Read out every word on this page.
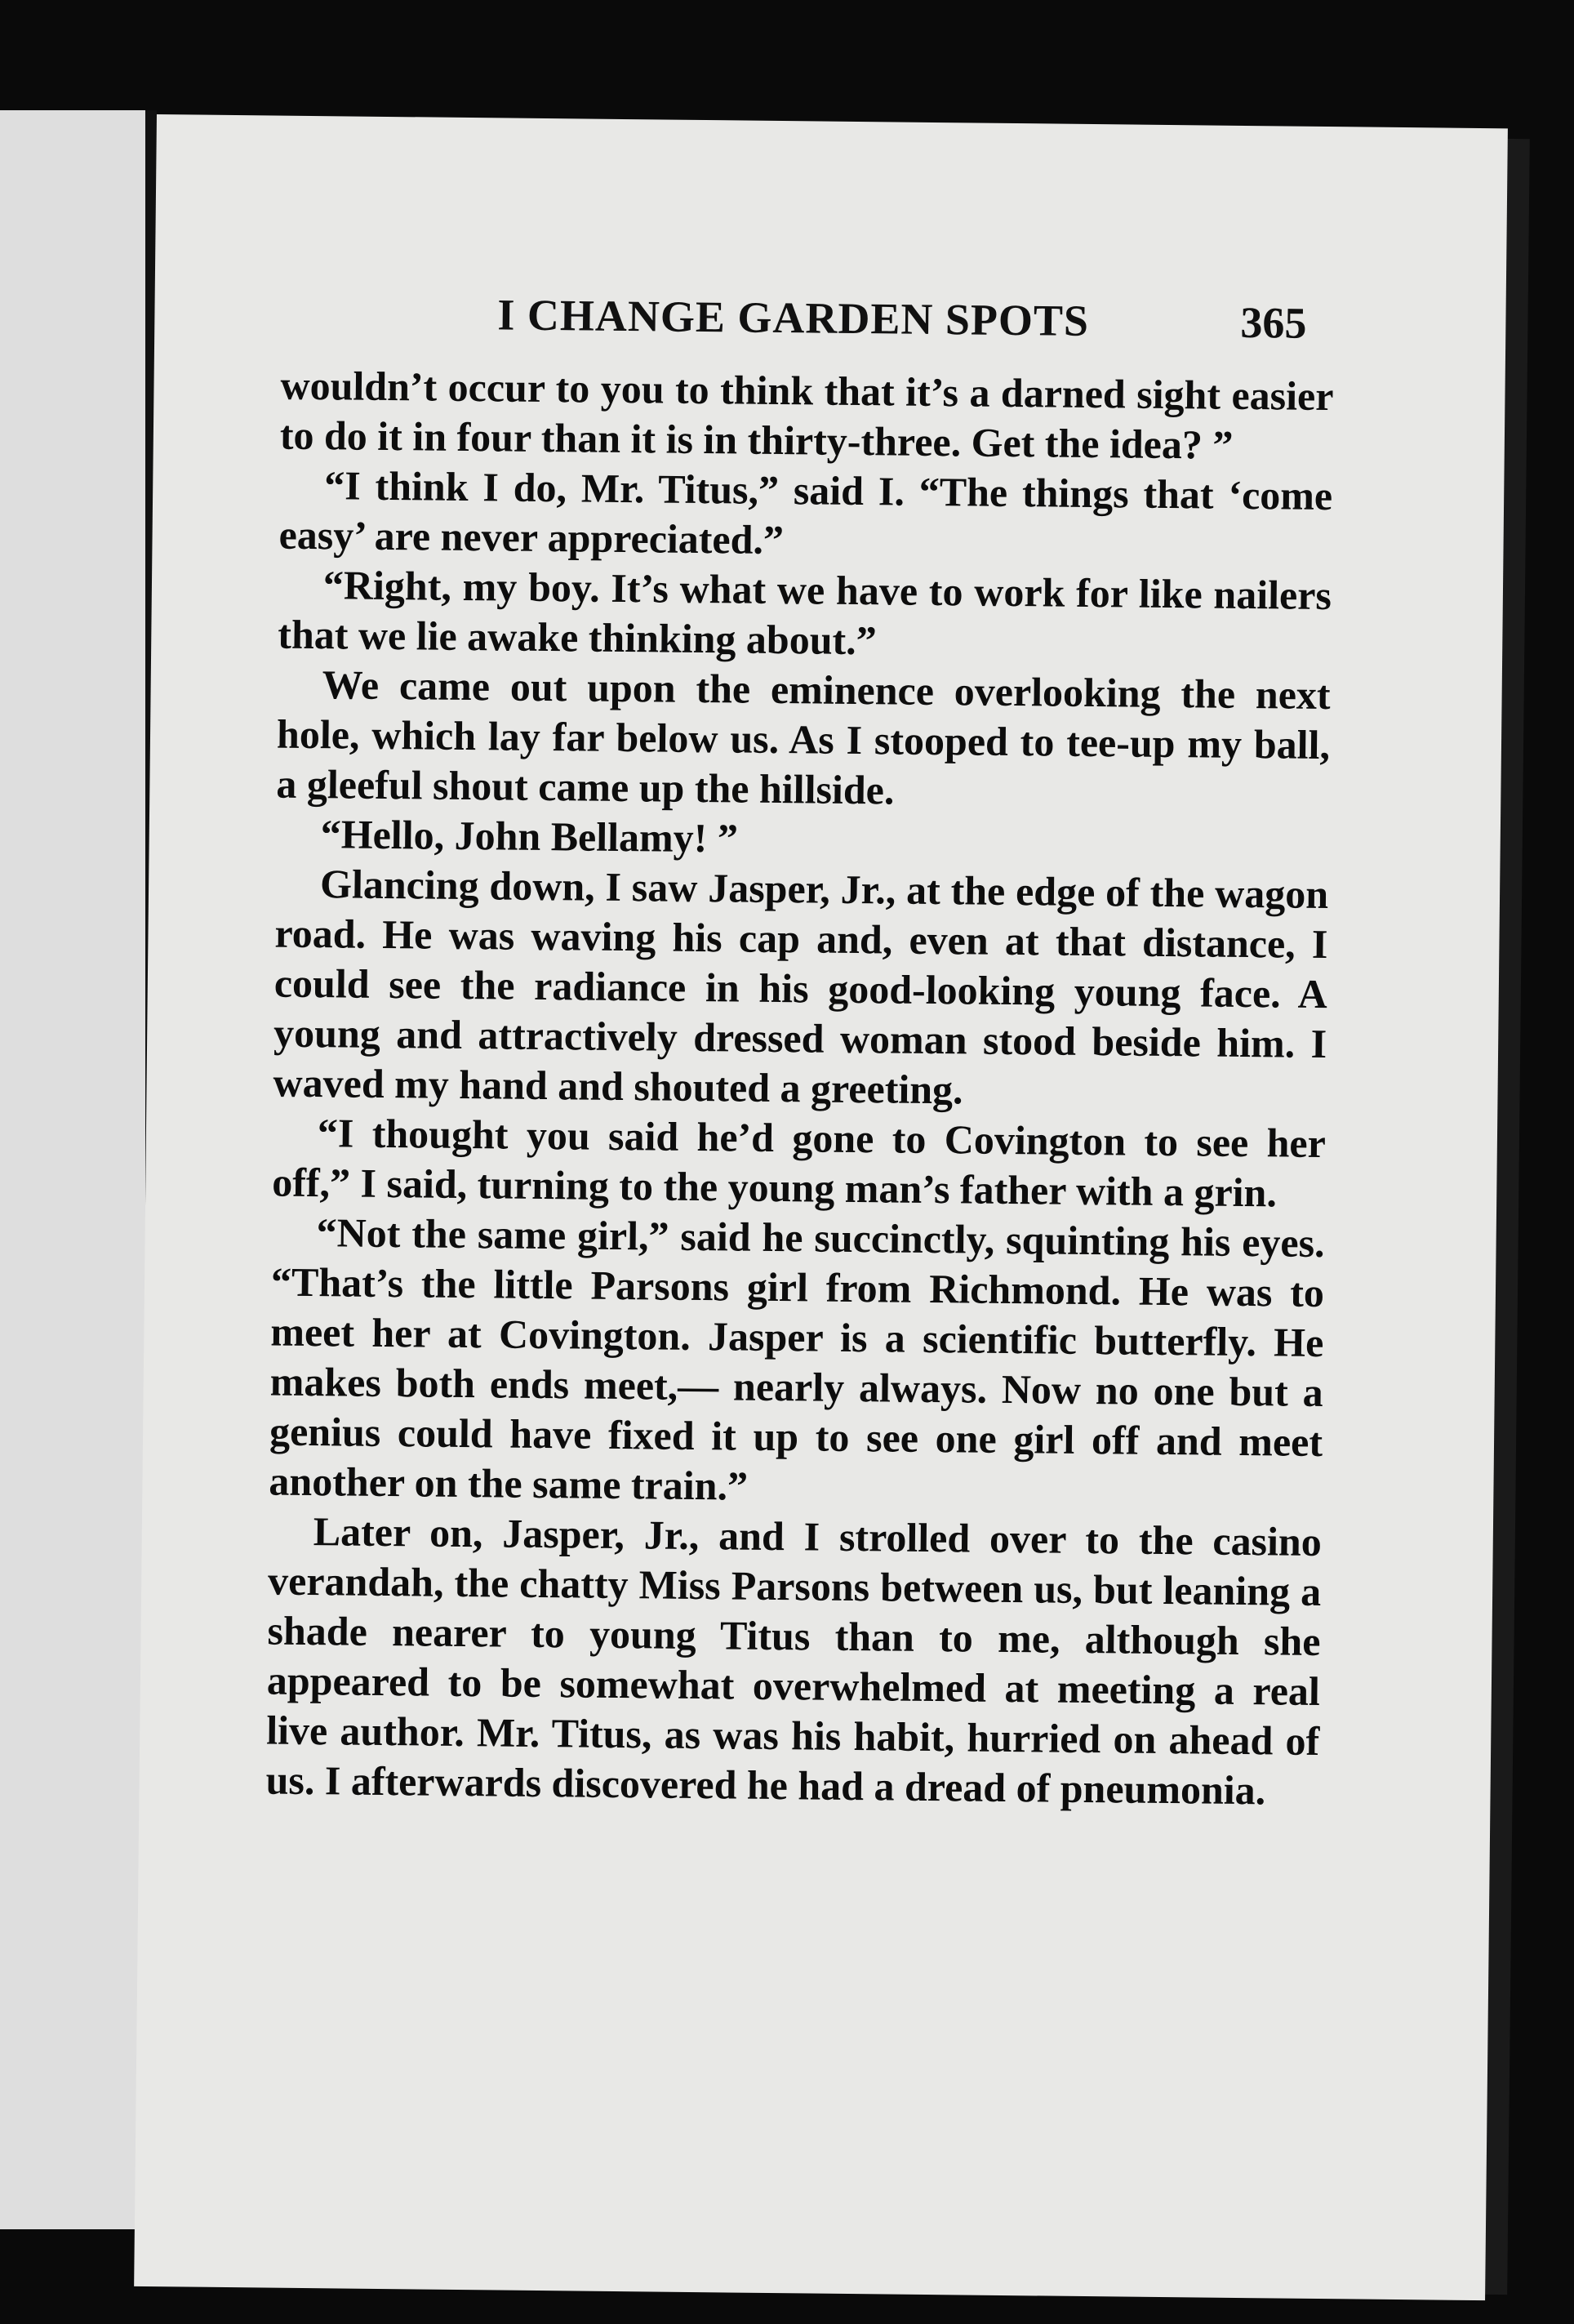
I CHANGE GARDEN SPOTS	365

wouldn’t occur to you to think that it’s a darned sight easier to do it in four than it is in thirty-three. Get the idea? ”

“I think I do, Mr. Titus,” said I. “The things that ‘come easy’ are never appreciated.”

“Right, my boy. It’s what we have to work for like nailers that we lie awake thinking about.”

We came out upon the eminence overlooking the next hole, which lay far below us. As I stooped to tee-up my ball, a gleeful shout came up the hillside.

“Hello, John Bellamy! ”

Glancing down, I saw Jasper, Jr., at the edge of the wagon road. He was waving his cap and, even at that distance, I could see the radiance in his good-looking young face. A young and attractively dressed woman stood beside him. I waved my hand and shouted a greeting.

“I thought you said he’d gone to Covington to see her off,” I said, turning to the young man’s father with a grin.

“Not the same girl,” said he succinctly, squinting his eyes. “That’s the little Parsons girl from Richmond. He was to meet her at Covington. Jasper is a scientific butterfly. He makes both ends meet,— nearly always. Now no one but a genius could have fixed it up to see one girl off and meet another on the same train.”

Later on, Jasper, Jr., and I strolled over to the casino verandah, the chatty Miss Parsons between us, but leaning a shade nearer to young Titus than to me, although she appeared to be somewhat overwhelmed at meeting a real live author. Mr. Titus, as was his habit, hurried on ahead of us. I afterwards discovered he had a dread of pneumonia.
